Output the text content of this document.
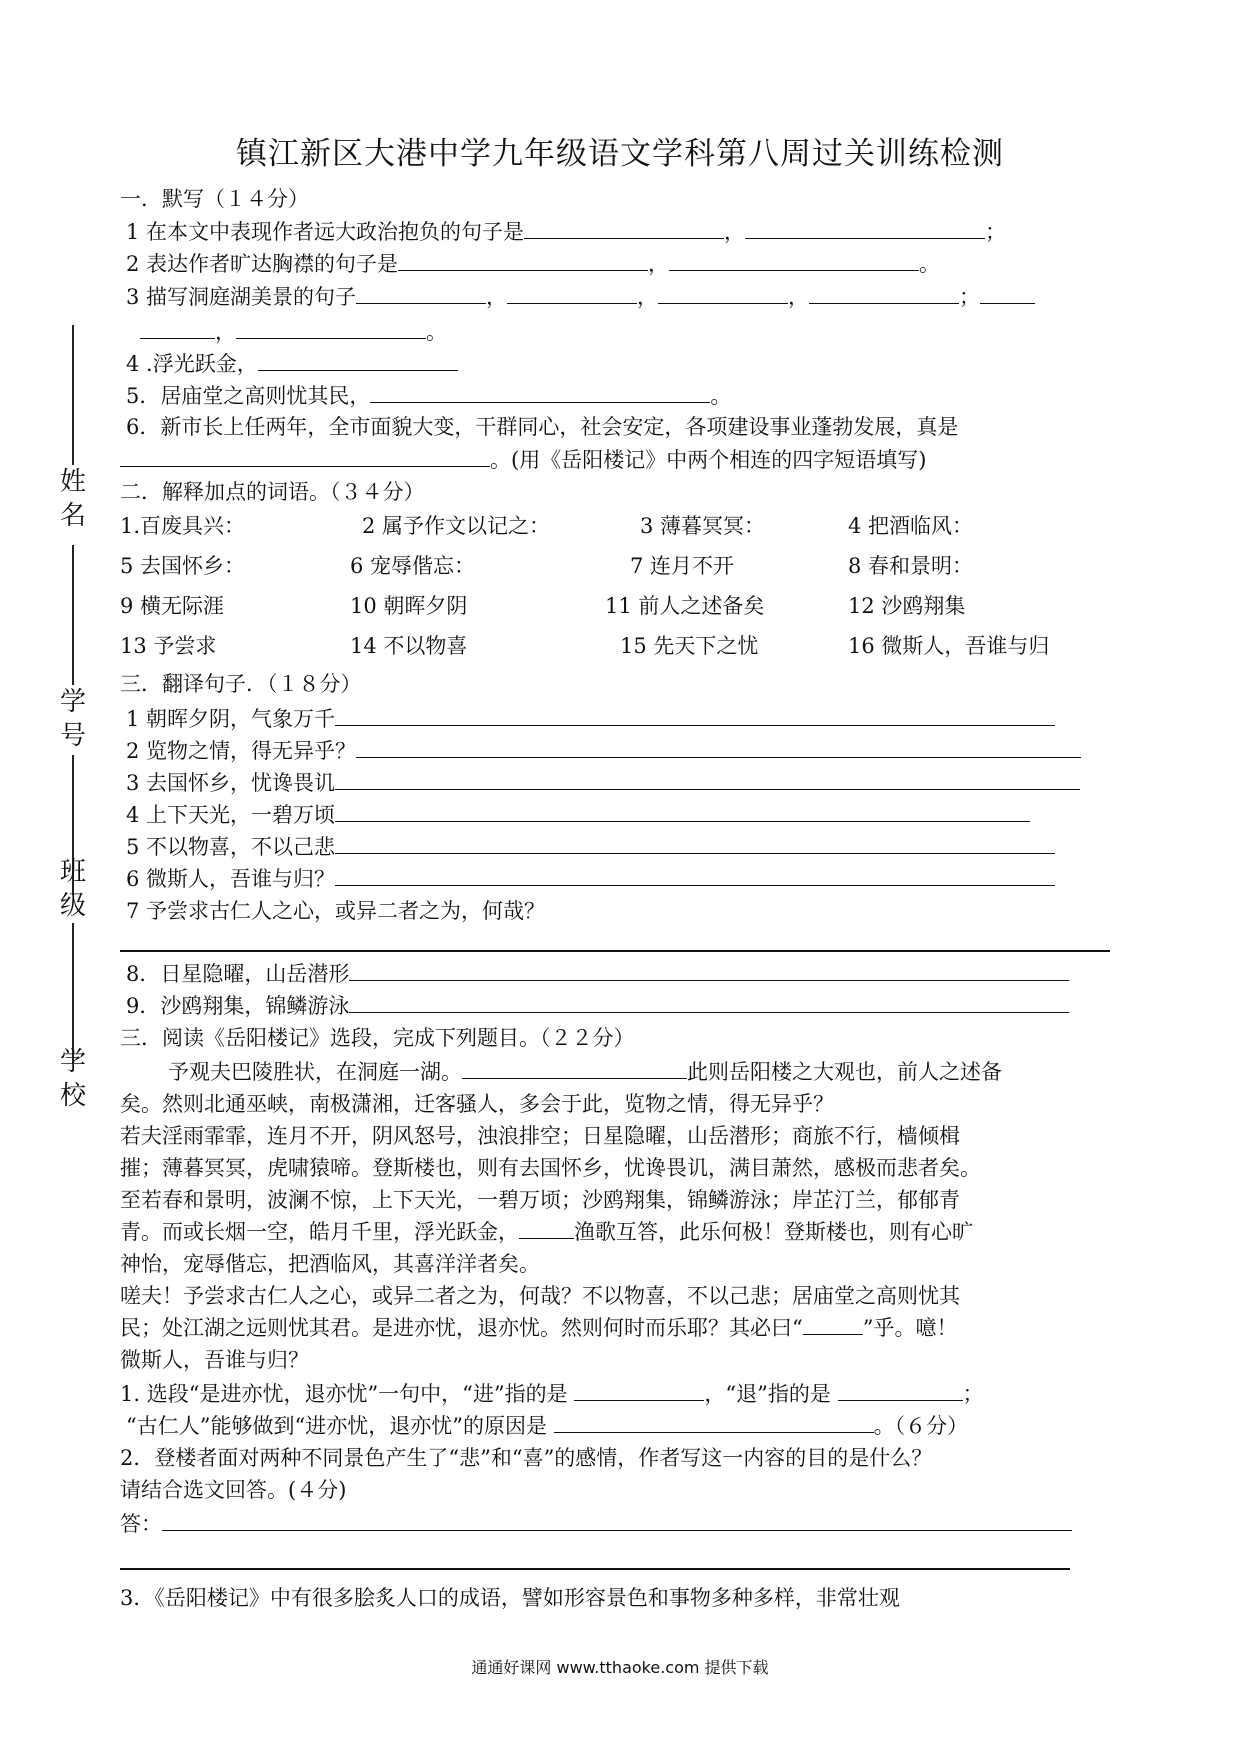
姓名
学号
班级
学校
镇江新区大港中学九年级语文学科第八周过关训练检测
一．默写（１４分）
1 在本文中表现作者远大政治抱负的句子是	，	；
2 表达作者旷达胸襟的句子是	，	。
3 描写洞庭湖美景的句子	，	，	，	；
，	。
4 .浮光跃金，
5．居庙堂之高则忧其民，	。
6．新市长上任两年，全市面貌大变，干群同心，社会安定，各项建设事业蓬勃发展，真是
。(用《岳阳楼记》中两个相连的四字短语填写)
二．解释加点的词语。（３４分）
1.百废具兴：	2 属予作文以记之：	3 薄暮冥冥：	4 把酒临风：
5 去国怀乡：	6 宠辱偕忘：	7 连月不开	8 春和景明：
9 横无际涯	10 朝晖夕阴	11 前人之述备矣	12 沙鸥翔集
13 予尝求	14 不以物喜	15 先天下之忧	16 微斯人，吾谁与归
三．翻译句子．（１８分）
1 朝晖夕阴，气象万千
2 览物之情，得无异乎？
3 去国怀乡，忧谗畏讥
4 上下天光，一碧万顷
5 不以物喜，不以己悲
6 微斯人，吾谁与归？
7 予尝求古仁人之心，或异二者之为，何哉？
8．日星隐曜，山岳潜形
9．沙鸥翔集，锦鳞游泳
三．阅读《岳阳楼记》选段，完成下列题目。（２２分）
予观夫巴陵胜状，在洞庭一湖。	此则岳阳楼之大观也，前人之述备
矣。然则北通巫峡，南极潇湘，迁客骚人，多会于此，览物之情，得无异乎？
若夫淫雨霏霏，连月不开，阴风怒号，浊浪排空；日星隐曜，山岳潜形；商旅不行，樯倾楫
摧；薄暮冥冥，虎啸猿啼。登斯楼也，则有去国怀乡，忧谗畏讥，满目萧然，感极而悲者矣。
至若春和景明，波澜不惊，上下天光，一碧万顷；沙鸥翔集，锦鳞游泳；岸芷汀兰，郁郁青
青。而或长烟一空，皓月千里，浮光跃金，	渔歌互答，此乐何极！登斯楼也，则有心旷
神怡，宠辱偕忘，把酒临风，其喜洋洋者矣。
嗟夫！予尝求古仁人之心，或异二者之为，何哉？不以物喜，不以己悲；居庙堂之高则忧其
民；处江湖之远则忧其君。是进亦忧，退亦忧。然则何时而乐耶？其必曰“	”乎。噫！
微斯人，吾谁与归？
1. 选段“是进亦忧，退亦忧”一句中，“进”指的是	，“退”指的是	；
“古仁人”能够做到“进亦忧，退亦忧”的原因是	。（６分）
2．登楼者面对两种不同景色产生了“悲”和“喜”的感情，作者写这一内容的目的是什么？
请结合选文回答。(４分)
答：
3．《岳阳楼记》中有很多脍炙人口的成语，譬如形容景色和事物多种多样，非常壮观
通通好课网 www.tthaoke.com 提供下载
